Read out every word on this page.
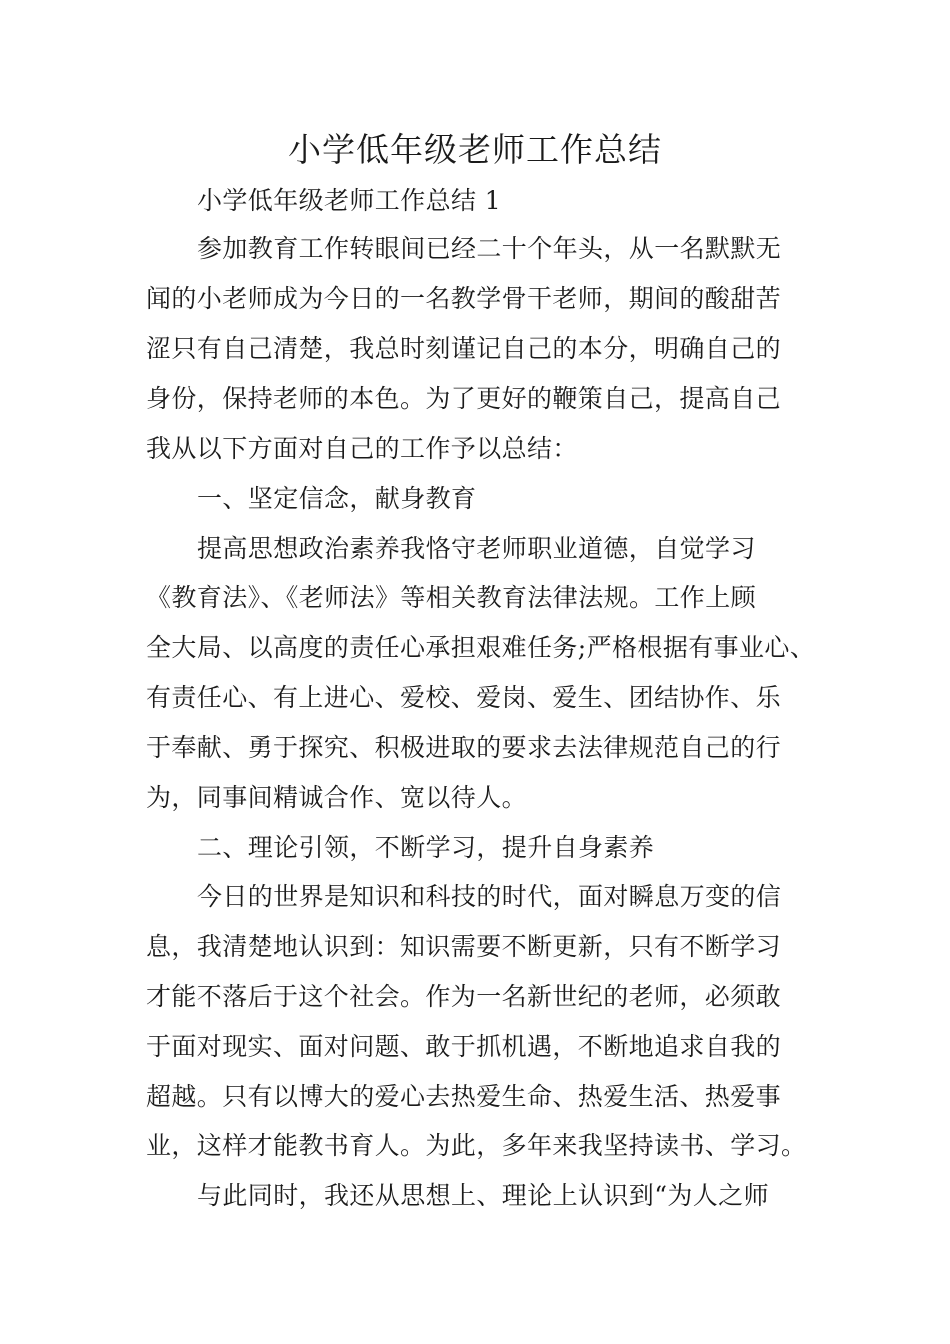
小学低年级老师工作总结

小学低年级老师工作总结 1

参加教育工作转眼间已经二十个年头，从一名默默无

闻的小老师成为今日的一名教学骨干老师，期间的酸甜苦

涩只有自己清楚，我总时刻谨记自己的本分，明确自己的

身份，保持老师的本色。为了更好的鞭策自己，提高自己

我从以下方面对自己的工作予以总结：

一、坚定信念，献身教育

提高思想政治素养我恪守老师职业道德，自觉学习

《教育法》、《老师法》等相关教育法律法规。工作上顾

全大局、以高度的责任心承担艰难任务;严格根据有事业心、

有责任心、有上进心、爱校、爱岗、爱生、团结协作、乐

于奉献、勇于探究、积极进取的要求去法律规范自己的行

为，同事间精诚合作、宽以待人。

二、理论引领，不断学习，提升自身素养

今日的世界是知识和科技的时代，面对瞬息万变的信

息，我清楚地认识到：知识需要不断更新，只有不断学习

才能不落后于这个社会。作为一名新世纪的老师，必须敢

于面对现实、面对问题、敢于抓机遇，不断地追求自我的

超越。只有以博大的爱心去热爱生命、热爱生活、热爱事

业，这样才能教书育人。为此，多年来我坚持读书、学习。

与此同时，我还从思想上、理论上认识到“为人之师
